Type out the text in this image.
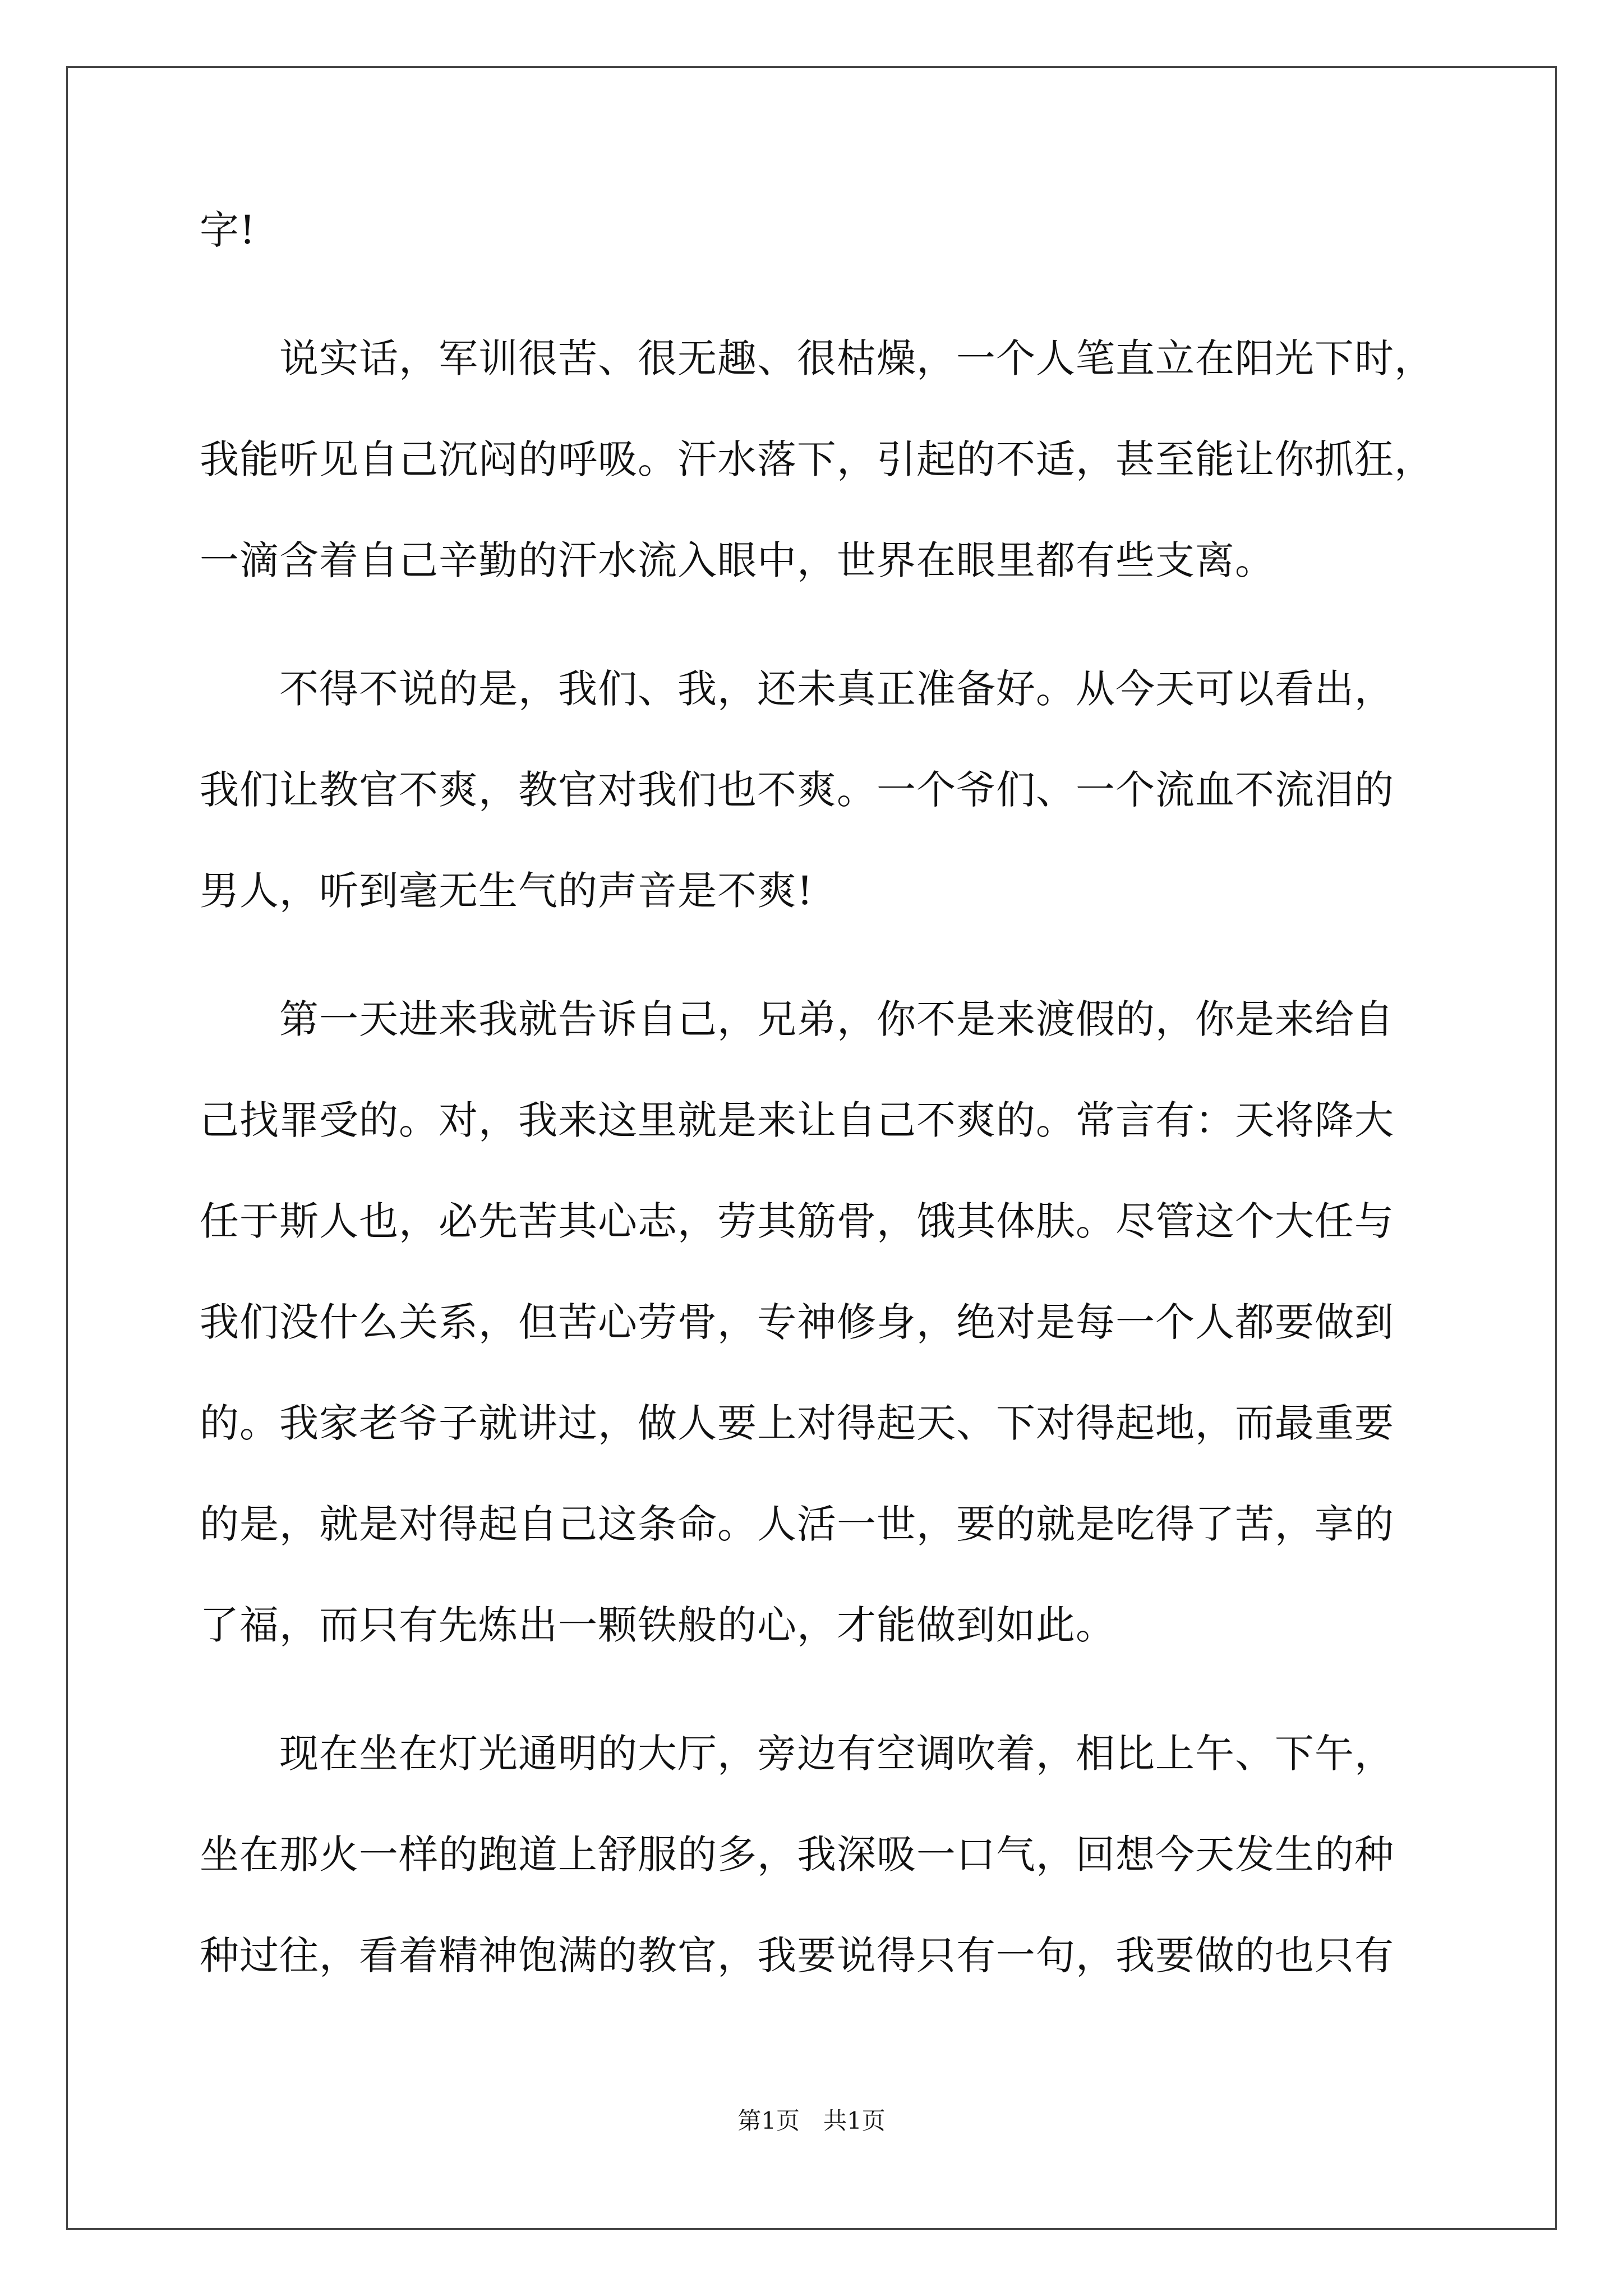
字!

说实话，军训很苦、很无趣、很枯燥，一个人笔直立在阳光下时，

我能听见自己沉闷的呼吸。汗水落下，引起的不适，甚至能让你抓狂，

一滴含着自己辛勤的汗水流入眼中，世界在眼里都有些支离。

不得不说的是，我们、我，还未真正准备好。从今天可以看出，

我们让教官不爽，教官对我们也不爽。一个爷们、一个流血不流泪的

男人，听到毫无生气的声音是不爽!

第一天进来我就告诉自己，兄弟，你不是来渡假的，你是来给自

己找罪受的。对，我来这里就是来让自己不爽的。常言有：天将降大

任于斯人也，必先苦其心志，劳其筋骨，饿其体肤。尽管这个大任与

我们没什么关系，但苦心劳骨，专神修身，绝对是每一个人都要做到

的。我家老爷子就讲过，做人要上对得起天、下对得起地，而最重要

的是，就是对得起自己这条命。人活一世，要的就是吃得了苦，享的

了福，而只有先炼出一颗铁般的心，才能做到如此。

现在坐在灯光通明的大厅，旁边有空调吹着，相比上午、下午，

坐在那火一样的跑道上舒服的多，我深吸一口气，回想今天发生的种

种过往，看着精神饱满的教官，我要说得只有一句，我要做的也只有

第1页　共1页
